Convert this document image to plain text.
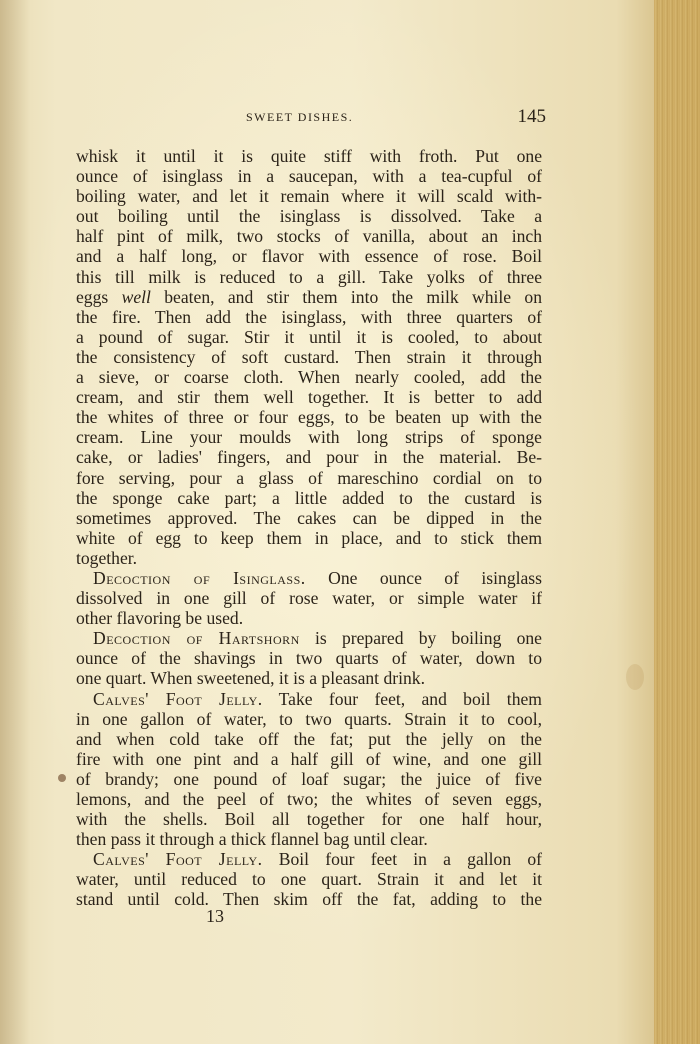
SWEET DISHES.	145
whisk it until it is quite stiff with froth. Put one
ounce of isinglass in a saucepan, with a tea-cupful of
boiling water, and let it remain where it will scald with-
out boiling until the isinglass is dissolved. Take a
half pint of milk, two stocks of vanilla, about an inch
and a half long, or flavor with essence of rose. Boil
this till milk is reduced to a gill. Take yolks of three
eggs well beaten, and stir them into the milk while on
the fire. Then add the isinglass, with three quarters of
a pound of sugar. Stir it until it is cooled, to about
the consistency of soft custard. Then strain it through
a sieve, or coarse cloth. When nearly cooled, add the
cream, and stir them well together. It is better to add
the whites of three or four eggs, to be beaten up with the
cream. Line your moulds with long strips of sponge
cake, or ladies' fingers, and pour in the material. Be-
fore serving, pour a glass of mareschino cordial on to
the sponge cake part; a little added to the custard is
sometimes approved. The cakes can be dipped in the
white of egg to keep them in place, and to stick them
together.
Decoction of Isinglass. One ounce of isinglass
dissolved in one gill of rose water, or simple water if
other flavoring be used.
Decoction of Hartshorn is prepared by boiling one
ounce of the shavings in two quarts of water, down to
one quart. When sweetened, it is a pleasant drink.
Calves' Foot Jelly. Take four feet, and boil them
in one gallon of water, to two quarts. Strain it to cool,
and when cold take off the fat; put the jelly on the
fire with one pint and a half gill of wine, and one gill
of brandy; one pound of loaf sugar; the juice of five
lemons, and the peel of two; the whites of seven eggs,
with the shells. Boil all together for one half hour,
then pass it through a thick flannel bag until clear.
Calves' Foot Jelly. Boil four feet in a gallon of
water, until reduced to one quart. Strain it and let it
stand until cold. Then skim off the fat, adding to the
13
